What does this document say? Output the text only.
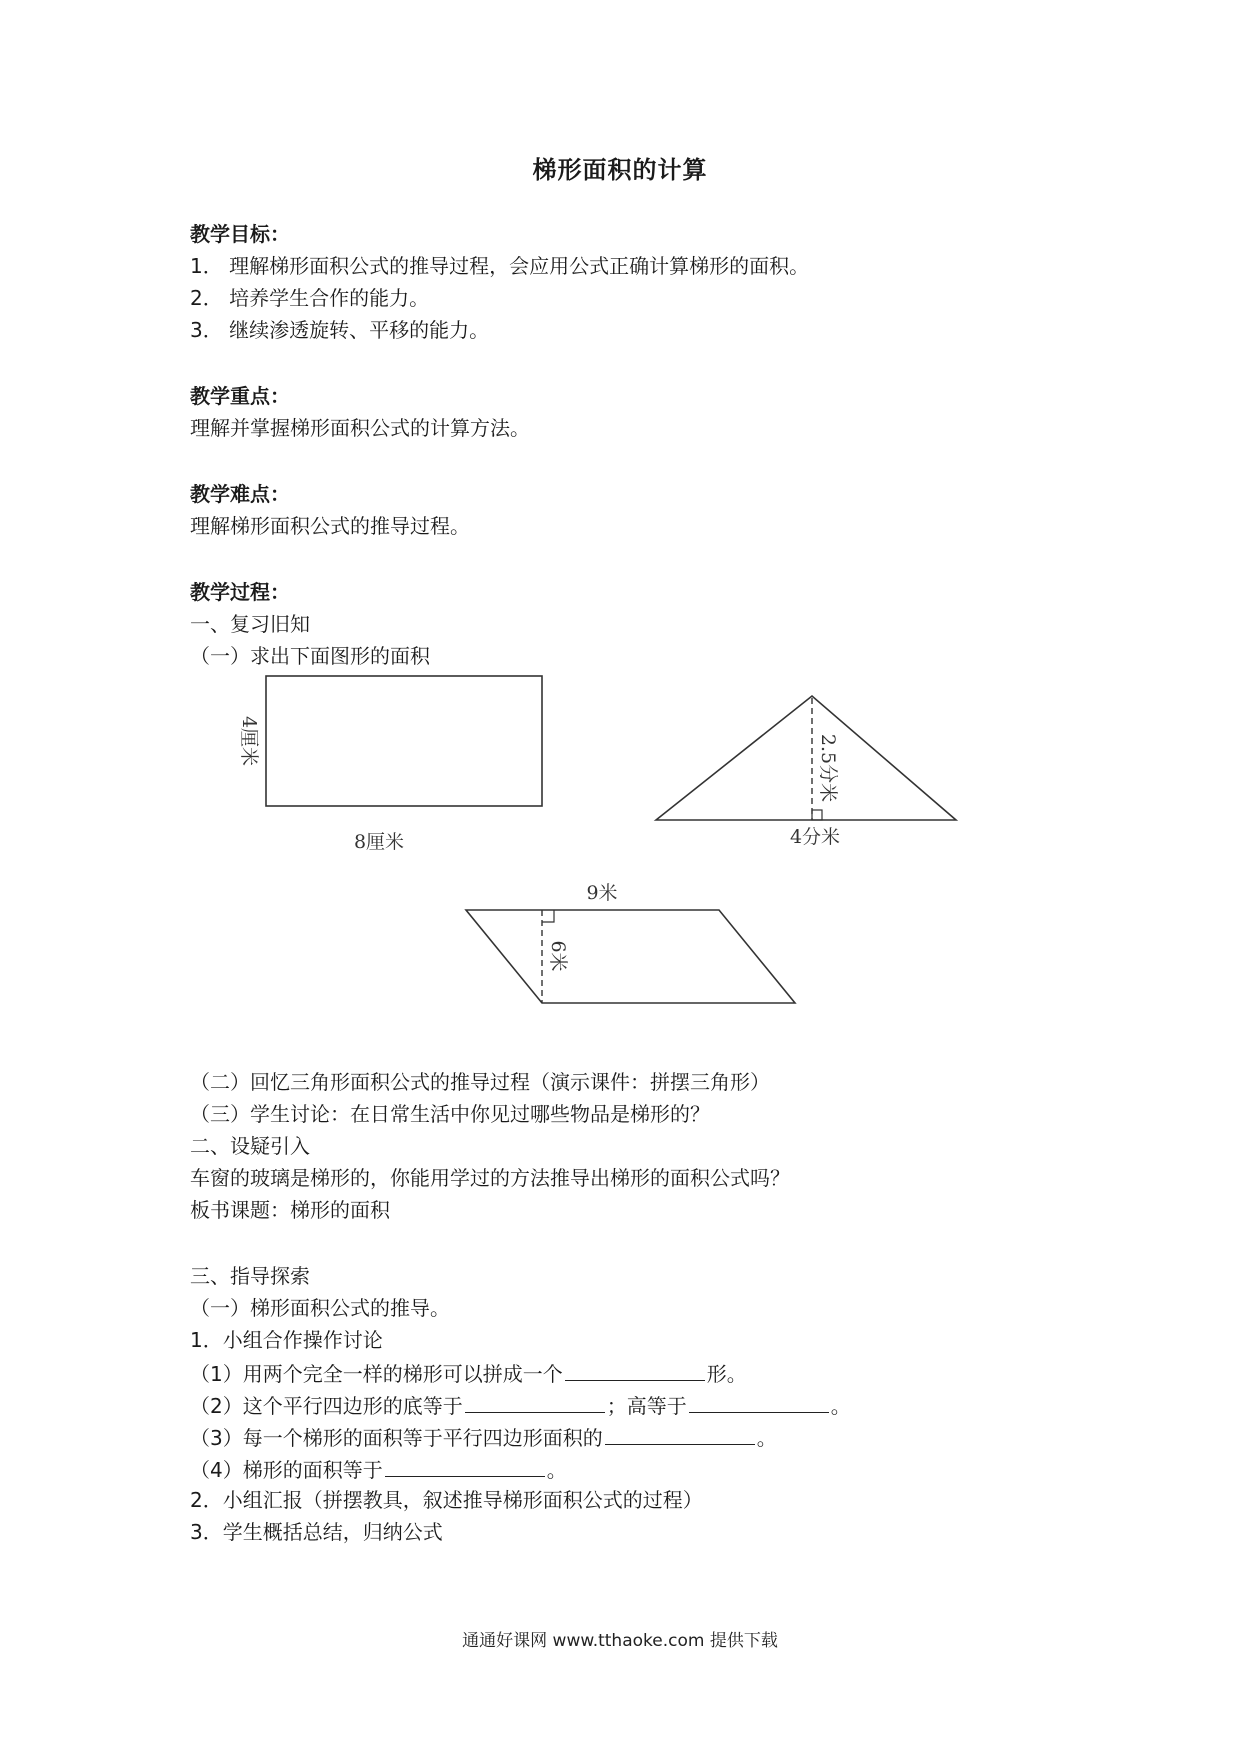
梯形面积的计算
教学目标：
1． 理解梯形面积公式的推导过程，会应用公式正确计算梯形的面积。
2． 培养学生合作的能力。
3． 继续渗透旋转、平移的能力。
教学重点：
理解并掌握梯形面积公式的计算方法。
教学难点：
理解梯形面积公式的推导过程。
教学过程：
一、复习旧知
（一）求出下面图形的面积
4厘米
8厘米
2.5分米
4分米
9米
6米
（二）回忆三角形面积公式的推导过程（演示课件：拼摆三角形）
（三）学生讨论：在日常生活中你见过哪些物品是梯形的？
二、设疑引入
车窗的玻璃是梯形的，你能用学过的方法推导出梯形的面积公式吗？
板书课题：梯形的面积
三、指导探索
（一）梯形面积公式的推导。
1．小组合作操作讨论
（1）用两个完全一样的梯形可以拼成一个	形。
（2）这个平行四边形的底等于	；高等于	。
（3）每一个梯形的面积等于平行四边形面积的	。
（4）梯形的面积等于	。
2．小组汇报（拼摆教具，叙述推导梯形面积公式的过程）
3．学生概括总结，归纳公式
通通好课网 www.tthaoke.com 提供下载
